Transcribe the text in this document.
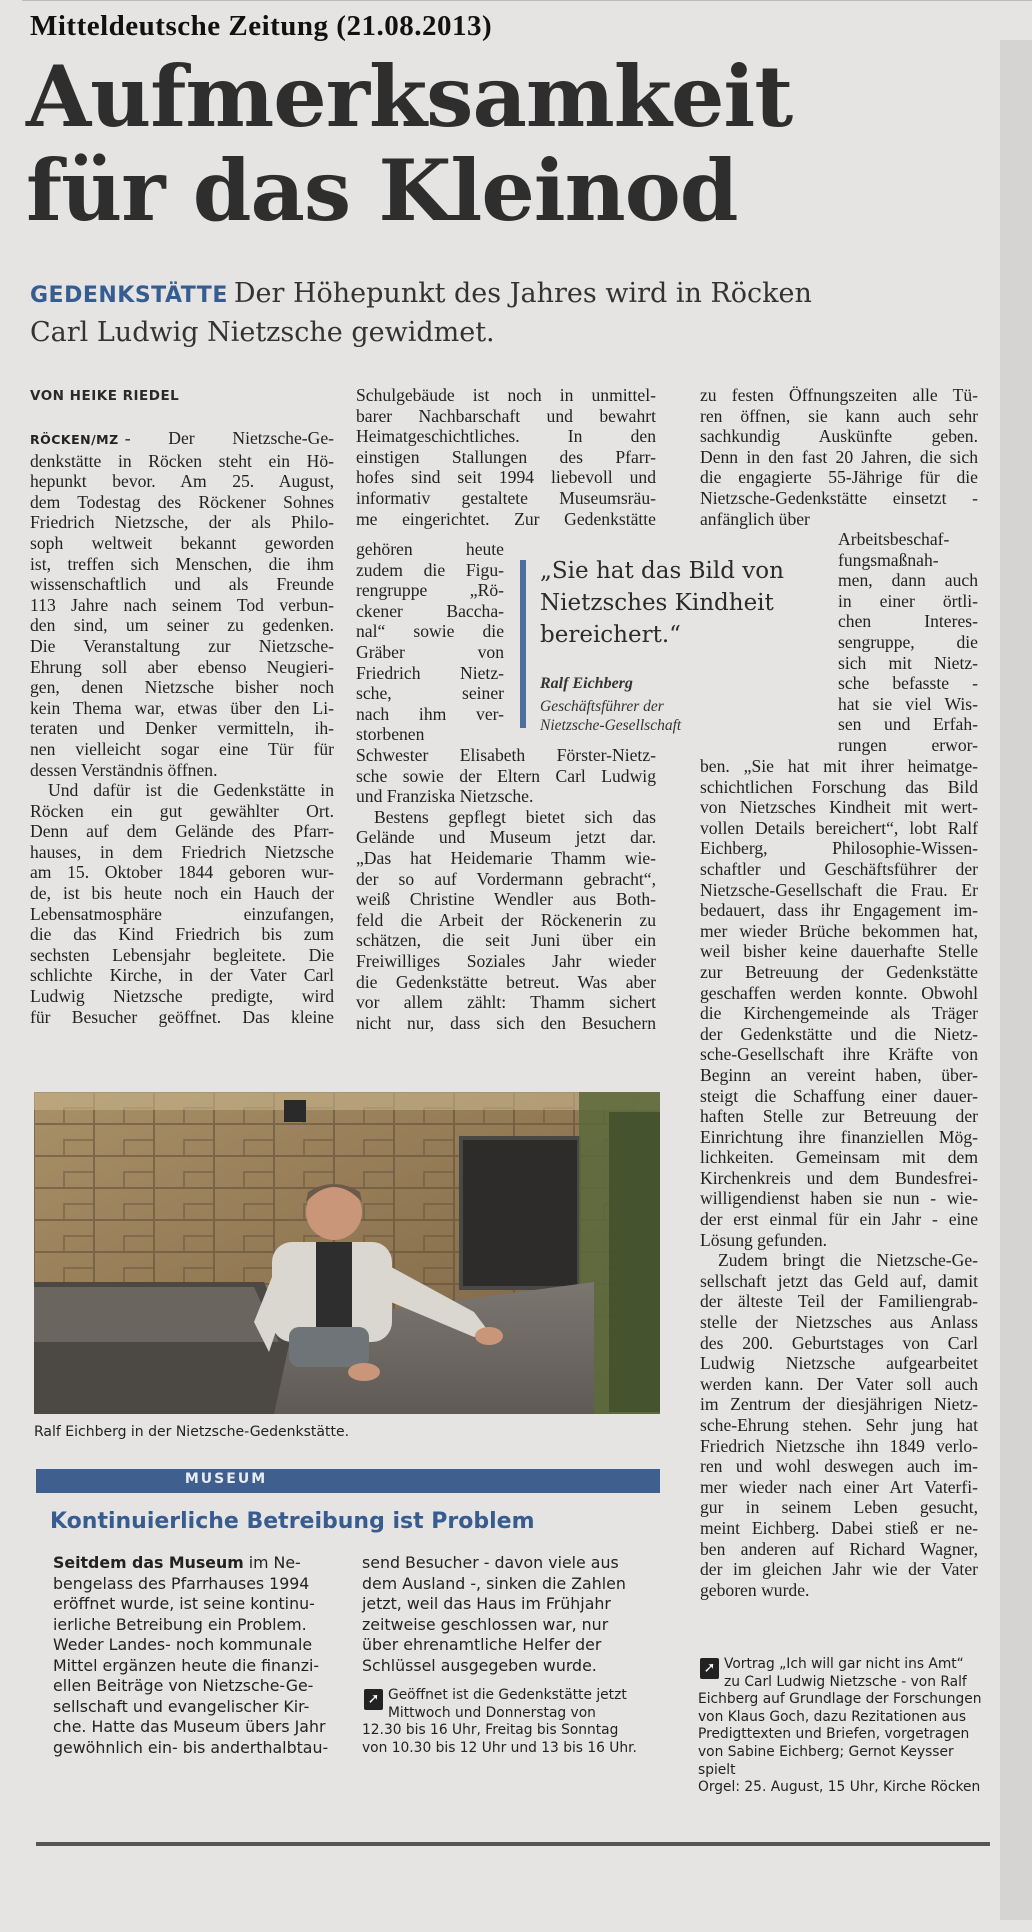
Mitteldeutsche Zeitung (21.08.2013)
Aufmerksamkeit
für das Kleinod
GEDENKSTÄTTE Der Höhepunkt des Jahres wird in Röcken
Carl Ludwig Nietzsche gewidmet.
VON HEIKE RIEDEL
RÖCKEN/MZ - Der Nietzsche-Ge-
denkstätte in Röcken steht ein Hö-
hepunkt bevor. Am 25. August,
dem Todestag des Röckener Sohnes
Friedrich Nietzsche, der als Philo-
soph weltweit bekannt geworden
ist, treffen sich Menschen, die ihm
wissenschaftlich und als Freunde
113 Jahre nach seinem Tod verbun-
den sind, um seiner zu gedenken.
Die Veranstaltung zur Nietzsche-
Ehrung soll aber ebenso Neugieri-
gen, denen Nietzsche bisher noch
kein Thema war, etwas über den Li-
teraten und Denker vermitteln, ih-
nen vielleicht sogar eine Tür für
dessen Verständnis öffnen.
Und dafür ist die Gedenkstätte in
Röcken ein gut gewählter Ort.
Denn auf dem Gelände des Pfarr-
hauses, in dem Friedrich Nietzsche
am 15. Oktober 1844 geboren wur-
de, ist bis heute noch ein Hauch der
Lebensatmosphäre einzufangen,
die das Kind Friedrich bis zum
sechsten Lebensjahr begleitete. Die
schlichte Kirche, in der Vater Carl
Ludwig Nietzsche predigte, wird
für Besucher geöffnet. Das kleine
Schulgebäude ist noch in unmittel-
barer Nachbarschaft und bewahrt
Heimatgeschichtliches. In den
einstigen Stallungen des Pfarr-
hofes sind seit 1994 liebevoll und
informativ gestaltete Museumsräu-
me eingerichtet. Zur Gedenkstätte
gehören heute
zudem die Figu-
rengruppe „Rö-
ckener Baccha-
nal“ sowie die
Gräber von
Friedrich Nietz-
sche, seiner
nach ihm ver-
storbenen
Schwester Elisabeth Förster-Nietz-
sche sowie der Eltern Carl Ludwig
und Franziska Nietzsche.
Bestens gepflegt bietet sich das
Gelände und Museum jetzt dar.
„Das hat Heidemarie Thamm wie-
der so auf Vordermann gebracht“,
weiß Christine Wendler aus Both-
feld die Arbeit der Röckenerin zu
schätzen, die seit Juni über ein
Freiwilliges Soziales Jahr wieder
die Gedenkstätte betreut. Was aber
vor allem zählt: Thamm sichert
nicht nur, dass sich den Besuchern
„Sie hat das Bild von
Nietzsches Kindheit
bereichert.“
Ralf Eichberg
Geschäftsführer der
Nietzsche-Gesellschaft
zu festen Öffnungszeiten alle Tü-
ren öffnen, sie kann auch sehr
sachkundig Auskünfte geben.
Denn in den fast 20 Jahren, die sich
die engagierte 55-Jährige für die
Nietzsche-Gedenkstätte einsetzt -
anfänglich über
Arbeitsbeschaf-
fungsmaßnah-
men, dann auch
in einer örtli-
chen Interes-
sengruppe, die
sich mit Nietz-
sche befasste -
hat sie viel Wis-
sen und Erfah-
rungen erwor-
ben. „Sie hat mit ihrer heimatge-
schichtlichen Forschung das Bild
von Nietzsches Kindheit mit wert-
vollen Details bereichert“, lobt Ralf
Eichberg, Philosophie-Wissen-
schaftler und Geschäftsführer der
Nietzsche-Gesellschaft die Frau. Er
bedauert, dass ihr Engagement im-
mer wieder Brüche bekommen hat,
weil bisher keine dauerhafte Stelle
zur Betreuung der Gedenkstätte
geschaffen werden konnte. Obwohl
die Kirchengemeinde als Träger
der Gedenkstätte und die Nietz-
sche-Gesellschaft ihre Kräfte von
Beginn an vereint haben, über-
steigt die Schaffung einer dauer-
haften Stelle zur Betreuung der
Einrichtung ihre finanziellen Mög-
lichkeiten. Gemeinsam mit dem
Kirchenkreis und dem Bundesfrei-
willigendienst haben sie nun - wie-
der erst einmal für ein Jahr - eine
Lösung gefunden.
Zudem bringt die Nietzsche-Ge-
sellschaft jetzt das Geld auf, damit
der älteste Teil der Familiengrab-
stelle der Nietzsches aus Anlass
des 200. Geburtstages von Carl
Ludwig Nietzsche aufgearbeitet
werden kann. Der Vater soll auch
im Zentrum der diesjährigen Nietz-
sche-Ehrung stehen. Sehr jung hat
Friedrich Nietzsche ihn 1849 verlo-
ren und wohl deswegen auch im-
mer wieder nach einer Art Vaterfi-
gur in seinem Leben gesucht,
meint Eichberg. Dabei stieß er ne-
ben anderen auf Richard Wagner,
der im gleichen Jahr wie der Vater
geboren wurde.
Ralf Eichberg in der Nietzsche-Gedenkstätte.
MUSEUM
Kontinuierliche Betreibung ist Problem
Seitdem das Museum im Ne-
bengelass des Pfarrhauses 1994
eröffnet wurde, ist seine kontinu-
ierliche Betreibung ein Problem.
Weder Landes- noch kommunale
Mittel ergänzen heute die finanzi-
ellen Beiträge von Nietzsche-Ge-
sellschaft und evangelischer Kir-
che. Hatte das Museum übers Jahr
gewöhnlich ein- bis anderthalbtau-
send Besucher - davon viele aus
dem Ausland -, sinken die Zahlen
jetzt, weil das Haus im Frühjahr
zeitweise geschlossen war, nur
über ehrenamtliche Helfer der
Schlüssel ausgegeben wurde.
➚ Geöffnet ist die Gedenkstätte jetzt
Mittwoch und Donnerstag von
12.30 bis 16 Uhr, Freitag bis Sonntag
von 10.30 bis 12 Uhr und 13 bis 16 Uhr.
➚ Vortrag „Ich will gar nicht ins Amt“
zu Carl Ludwig Nietzsche - von Ralf
Eichberg auf Grundlage der Forschungen
von Klaus Goch, dazu Rezitationen aus
Predigttexten und Briefen, vorgetragen
von Sabine Eichberg; Gernot Keysser spielt
Orgel: 25. August, 15 Uhr, Kirche Röcken
